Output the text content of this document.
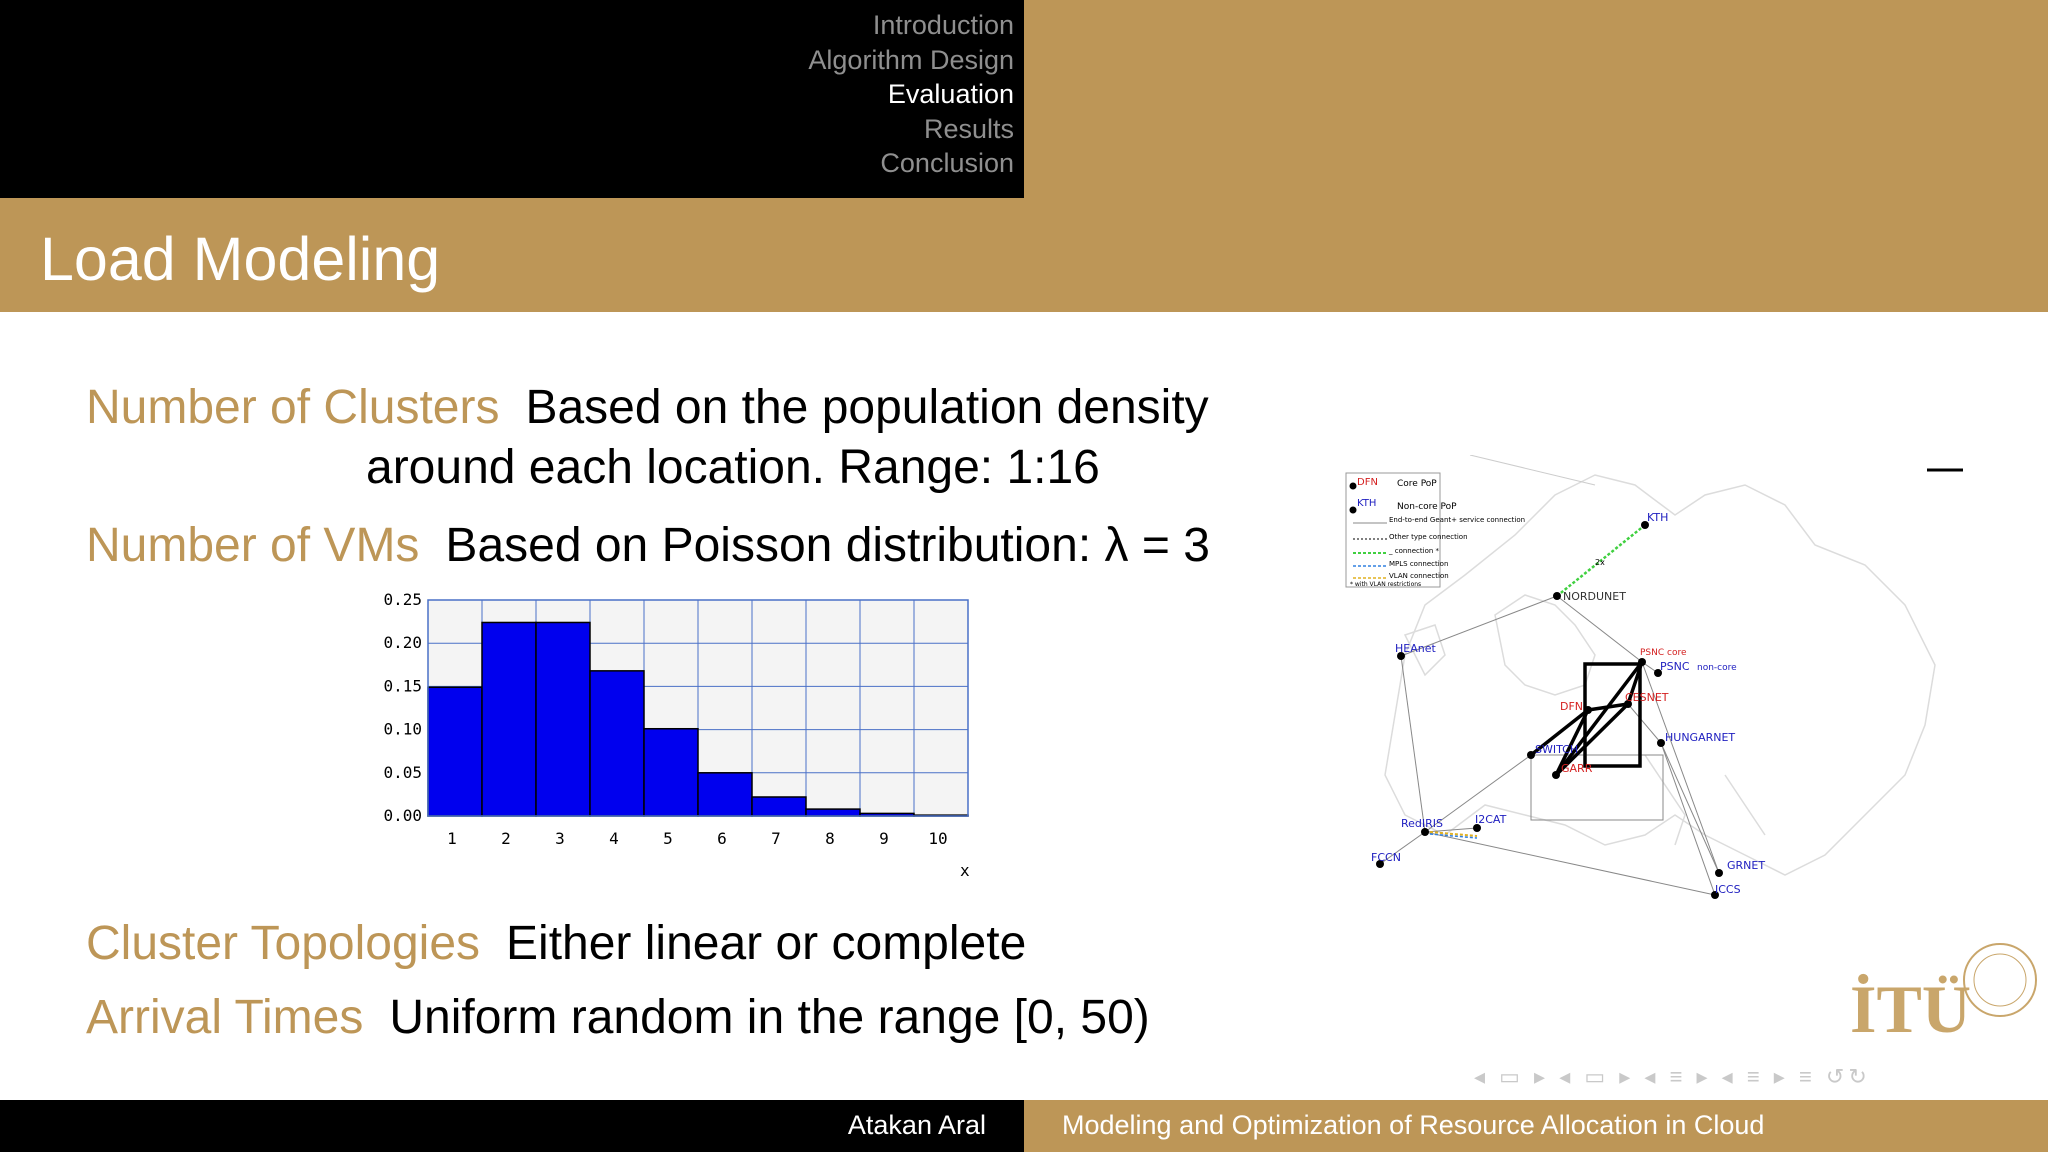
Introduction
Algorithm Design
Evaluation
Results
Conclusion
Load Modeling
Number of Clusters Based on the population density
around each location. Range: 1:16
Number of VMs Based on Poisson distribution: λ = 3
0.00
0.05
0.10
0.15
0.20
0.25
1	2	3	4	5	6	7	8	9 10
x
Cluster Topologies Either linear or complete
Arrival Times Uniform random in the range [0, 50)
DFN Core PoP
KTH Non-core PoP
End-to-end Geant+ service connection
Other type connection
_ connection *
MPLS connection
VLAN connection
* with VLAN restrictions
KTH
2x
NORDUNET
HEAnet	PSNC core
PSNC non-core
CESNET
DFN
HUNGARNET
SWITCH
GARR
RedIRIS	I2CAT
FCCN
GRNET
ICCS
İTÜ
◂ ▭ ▸ ◂ ▭ ▸ ◂ ≡ ▸ ◂ ≡ ▸ ≡ ↺↻
Atakan Aral	Modeling and Optimization of Resource Allocation in Cloud
